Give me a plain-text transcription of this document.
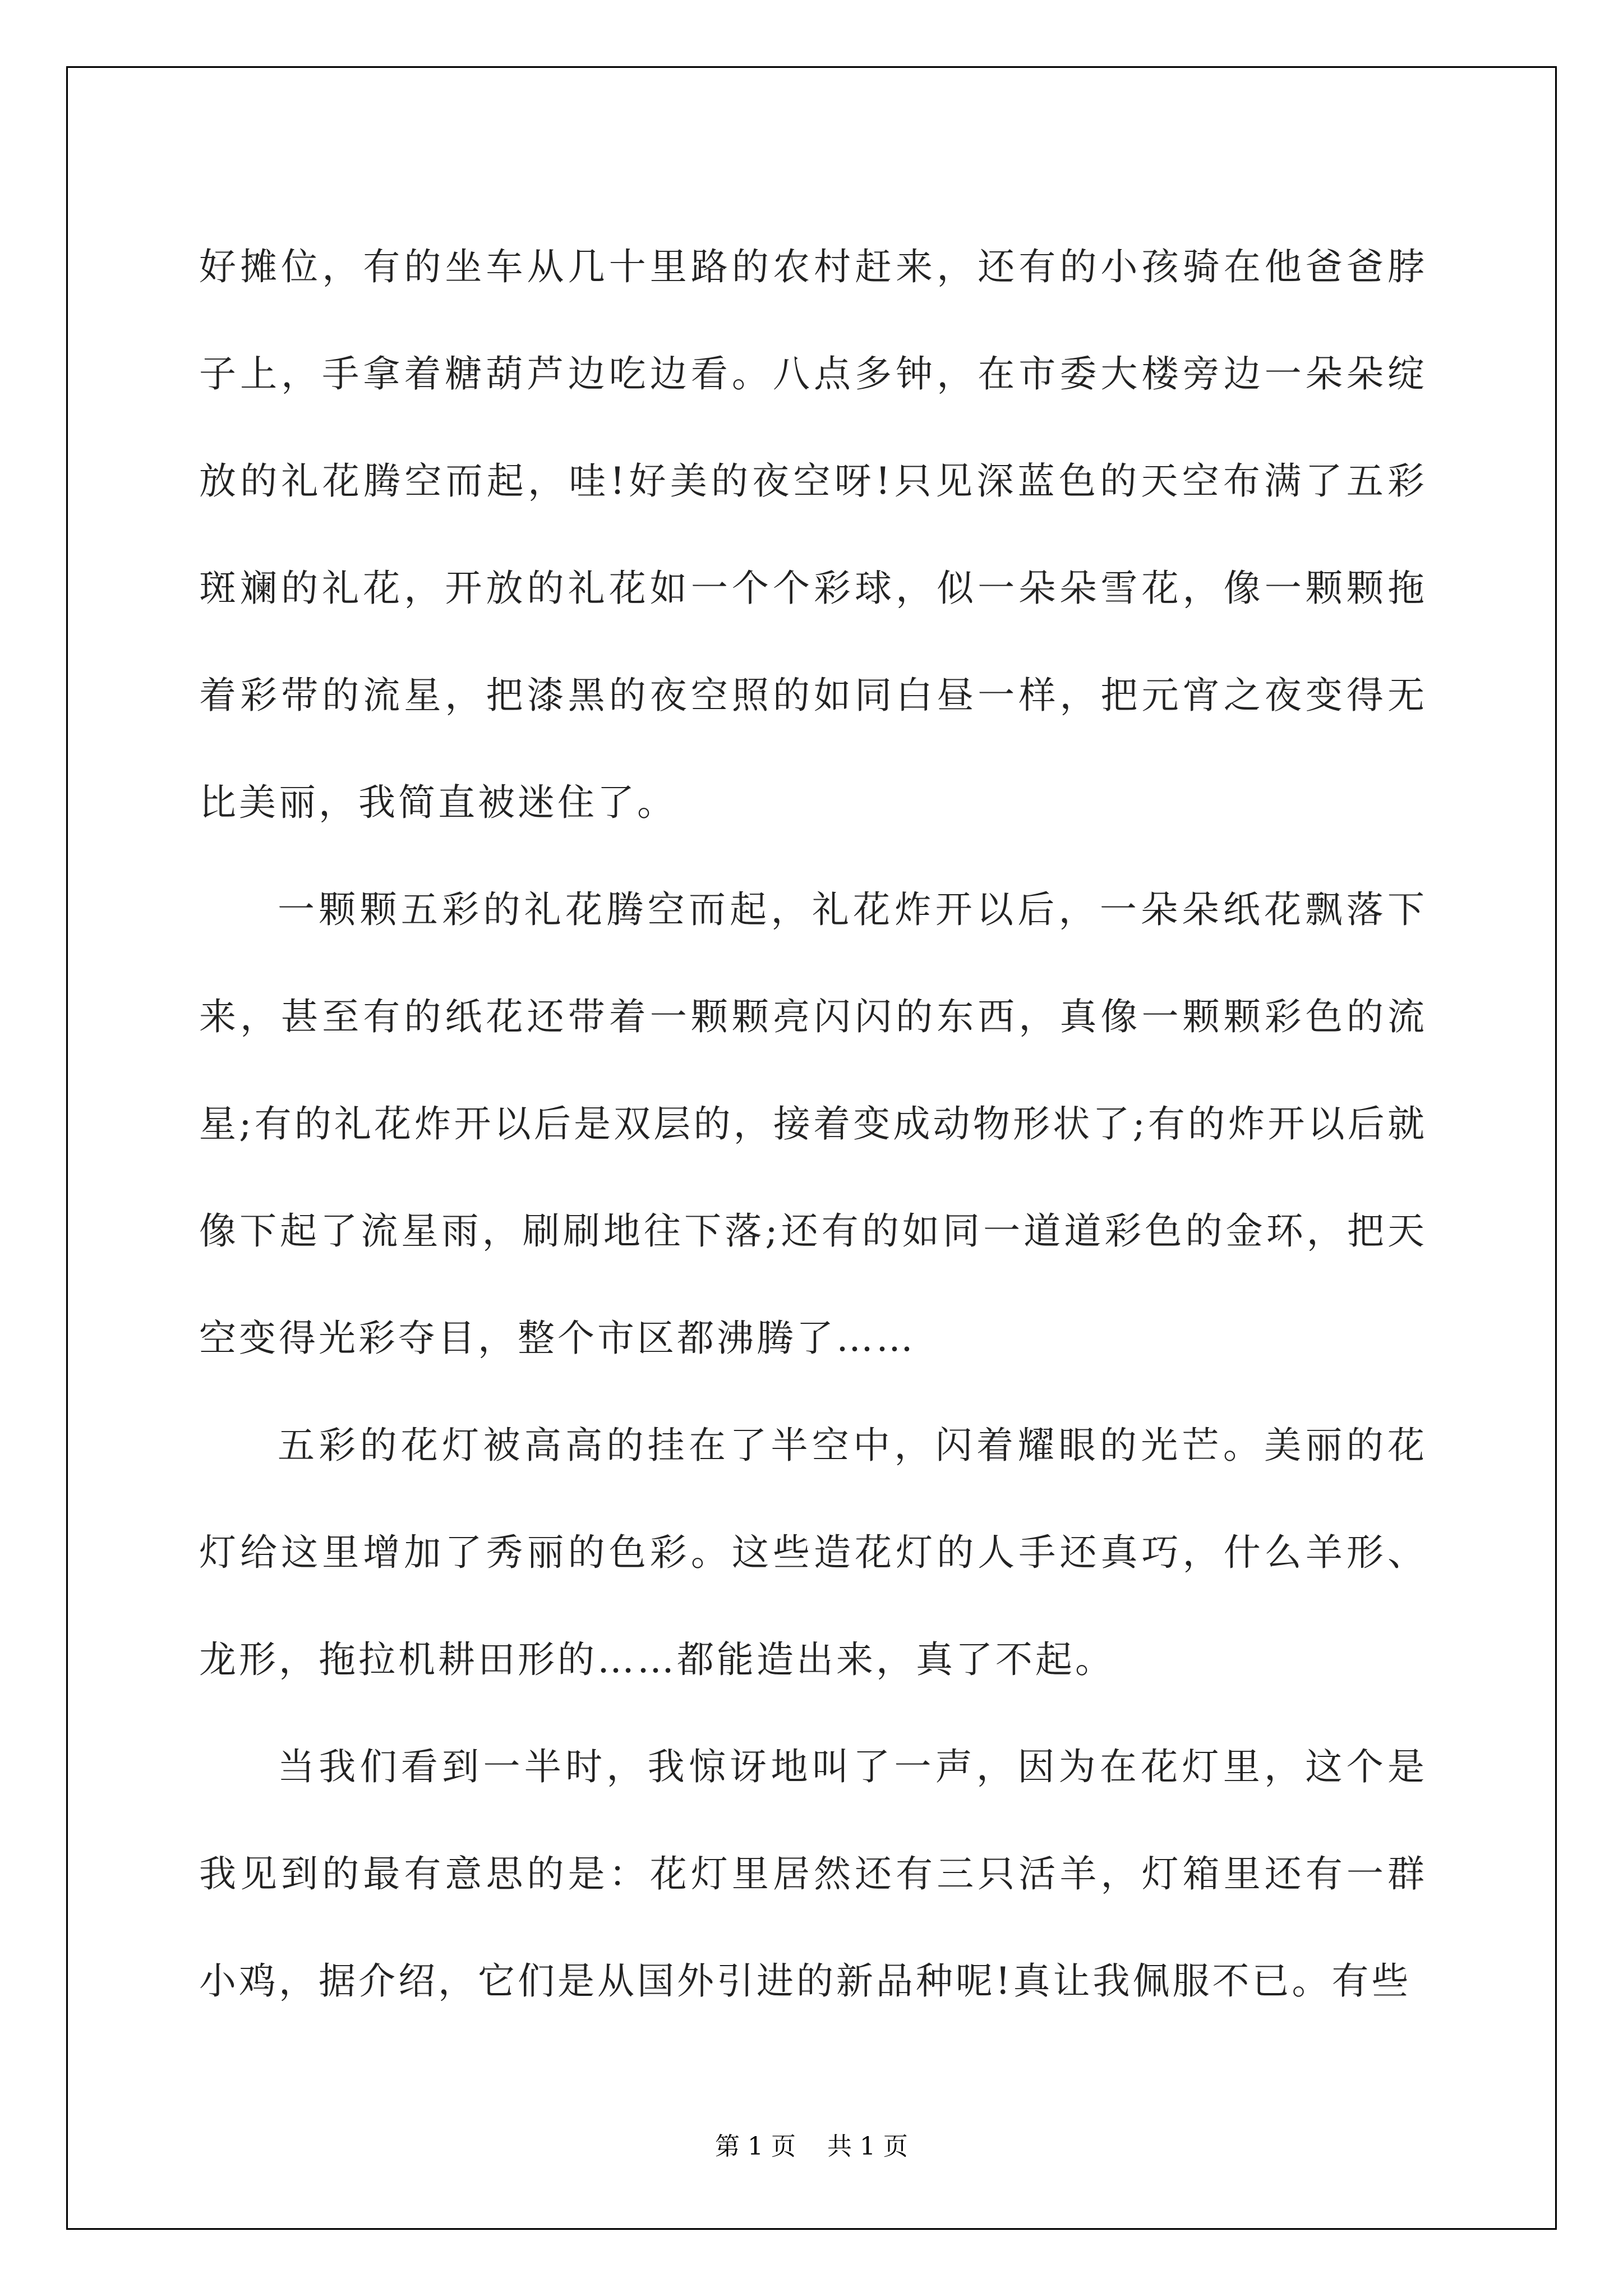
好摊位，有的坐车从几十里路的农村赶来，还有的小孩骑在他爸爸脖子上，手拿着糖葫芦边吃边看。八点多钟，在市委大楼旁边一朵朵绽放的礼花腾空而起，哇!好美的夜空呀!只见深蓝色的天空布满了五彩斑斓的礼花，开放的礼花如一个个彩球，似一朵朵雪花，像一颗颗拖着彩带的流星，把漆黑的夜空照的如同白昼一样，把元宵之夜变得无比美丽，我简直被迷住了。

一颗颗五彩的礼花腾空而起，礼花炸开以后，一朵朵纸花飘落下来，甚至有的纸花还带着一颗颗亮闪闪的东西，真像一颗颗彩色的流星;有的礼花炸开以后是双层的，接着变成动物形状了;有的炸开以后就像下起了流星雨，刷刷地往下落;还有的如同一道道彩色的金环，把天空变得光彩夺目，整个市区都沸腾了……

五彩的花灯被高高的挂在了半空中，闪着耀眼的光芒。美丽的花灯给这里增加了秀丽的色彩。这些造花灯的人手还真巧，什么羊形、龙形，拖拉机耕田形的……都能造出来，真了不起。

当我们看到一半时，我惊讶地叫了一声，因为在花灯里，这个是我见到的最有意思的是：花灯里居然还有三只活羊，灯箱里还有一群小鸡，据介绍，它们是从国外引进的新品种呢!真让我佩服不已。有些

第 1 页 共 1 页
